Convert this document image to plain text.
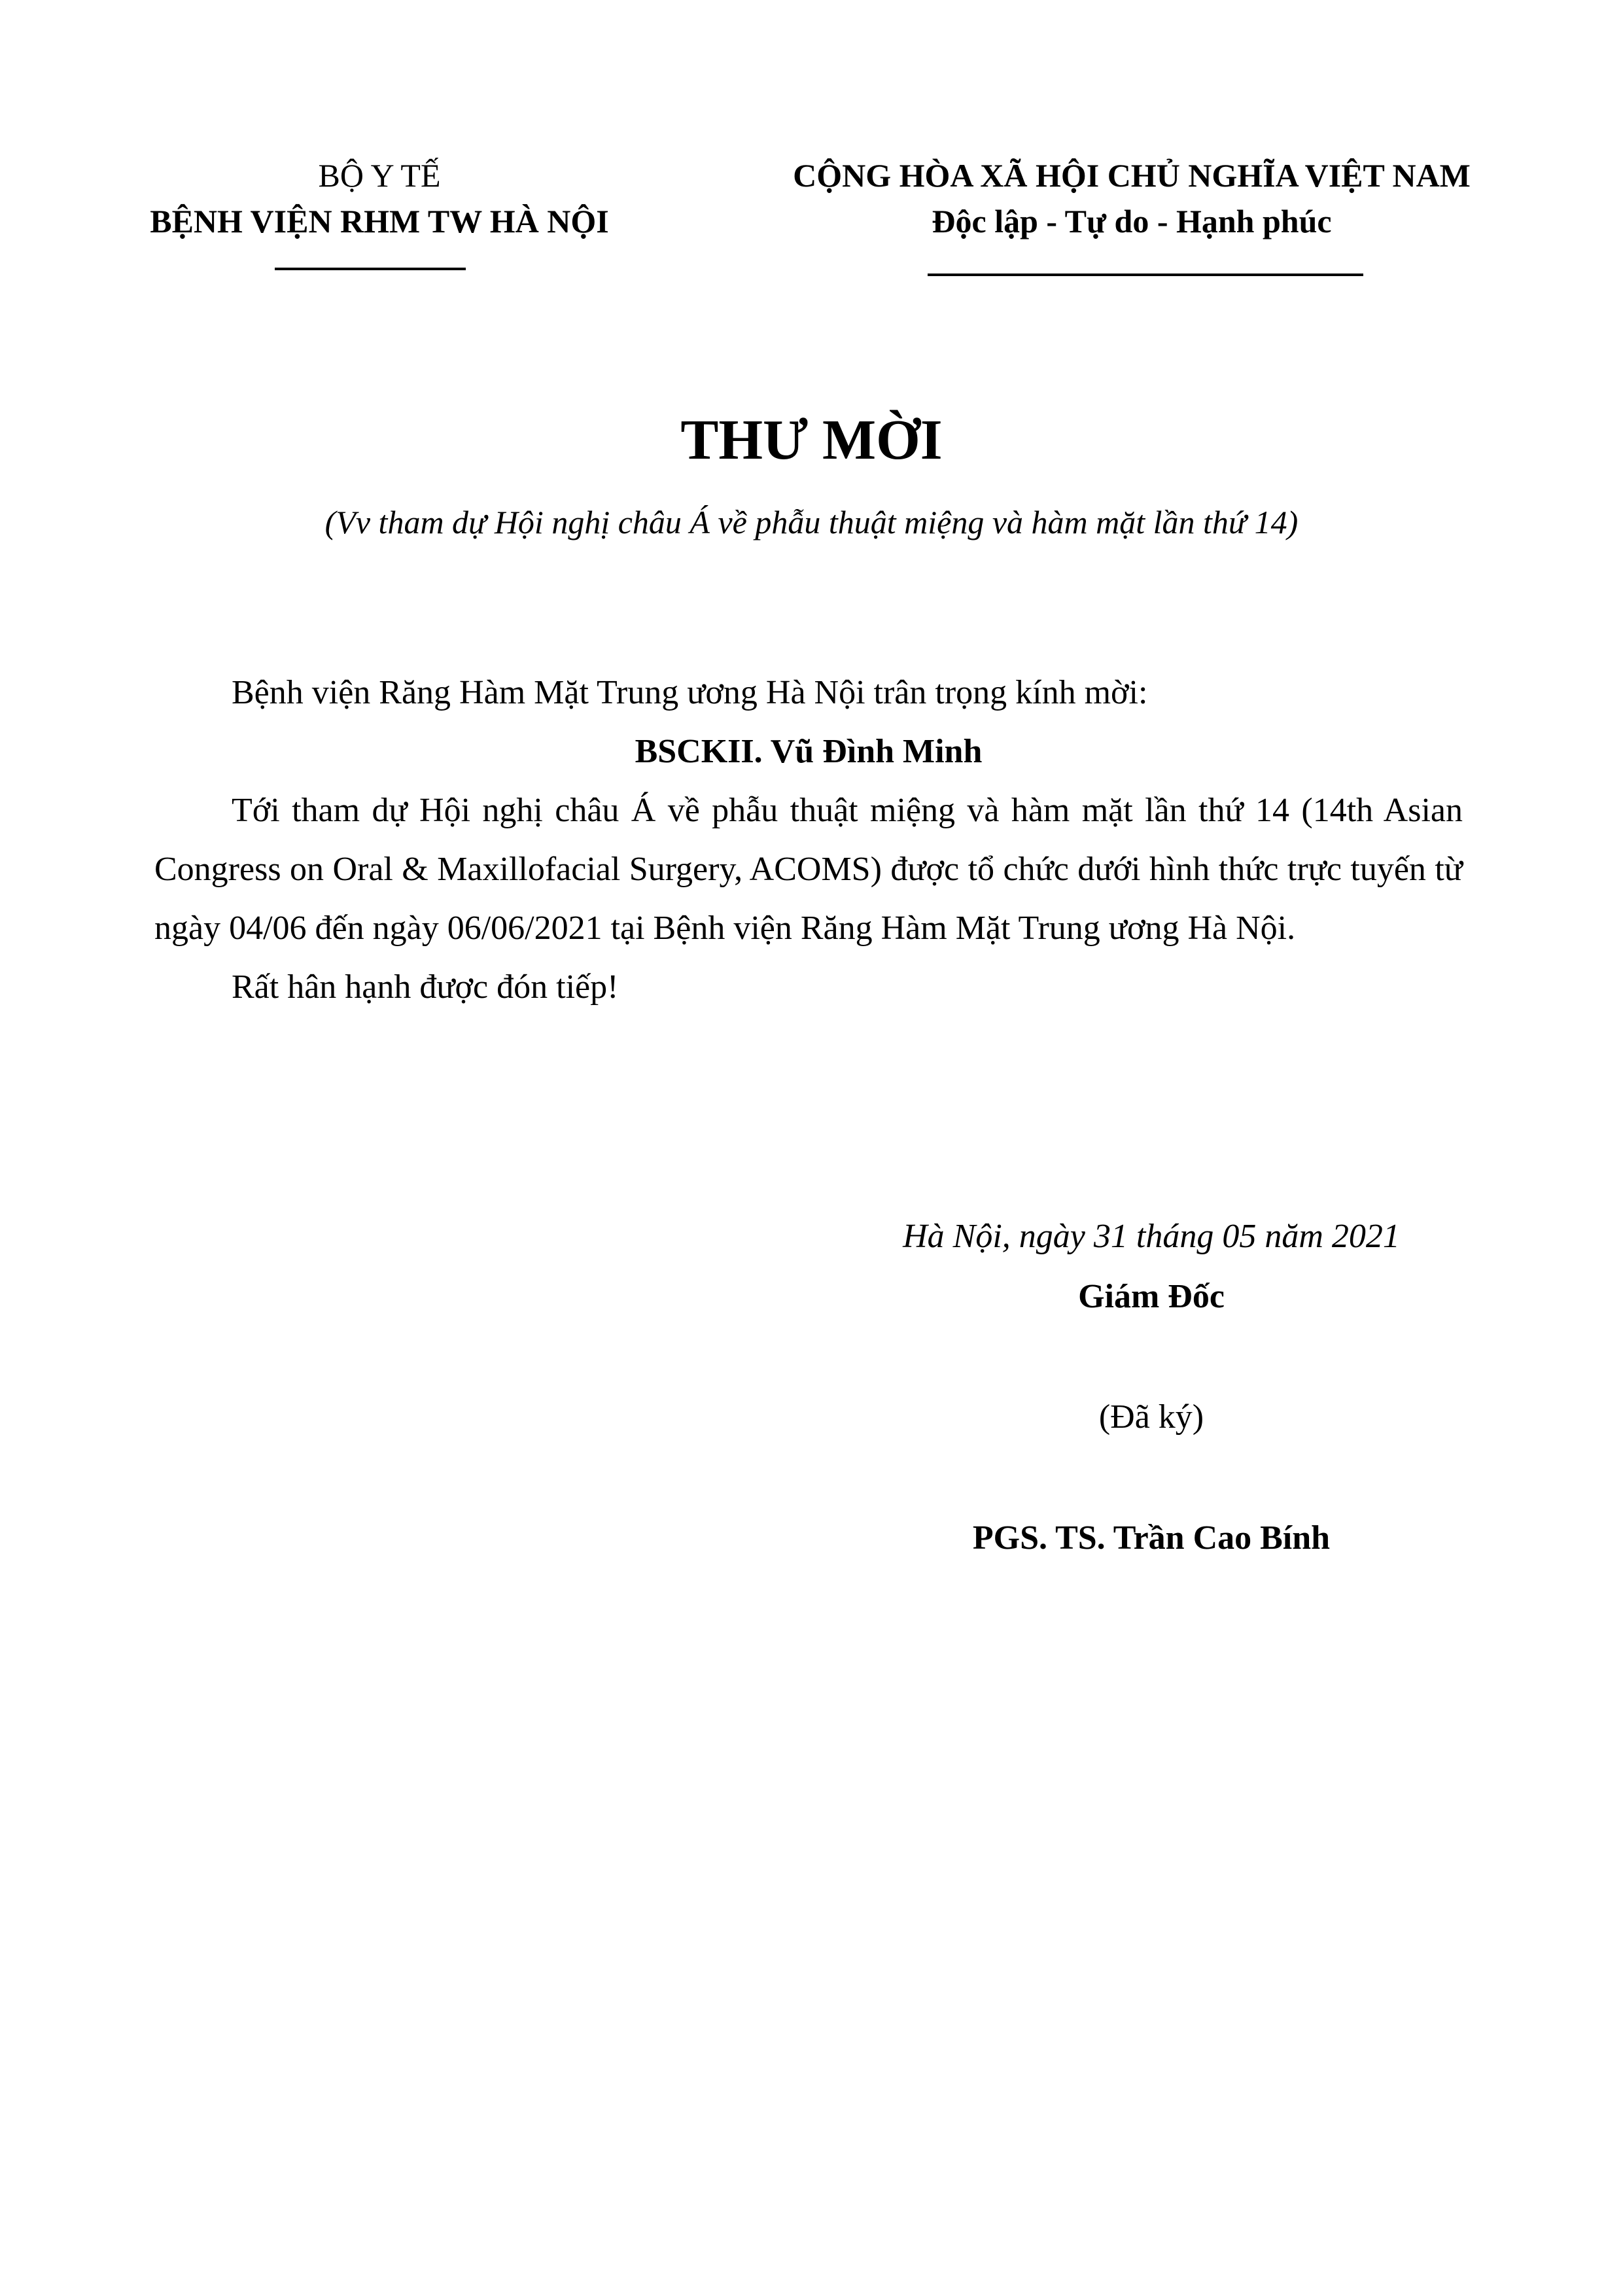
BỘ Y TẾ
BỆNH VIỆN RHM TW HÀ NỘI
CỘNG HÒA XÃ HỘI CHỦ NGHĨA VIỆT NAM
Độc lập - Tự do - Hạnh phúc
THƯ MỜI
(Vv tham dự Hội nghị châu Á về phẫu thuật miệng và hàm mặt lần thứ 14)

Bệnh viện Răng Hàm Mặt Trung ương Hà Nội trân trọng kính mời:

BSCKII. Vũ Đình Minh

Tới tham dự Hội nghị châu Á về phẫu thuật miệng và hàm mặt lần thứ 14 (14th Asian Congress on Oral & Maxillofacial Surgery, ACOMS) được tổ chức dưới hình thức trực tuyến từ ngày 04/06 đến ngày 06/06/2021 tại Bệnh viện Răng Hàm Mặt Trung ương Hà Nội.

Rất hân hạnh được đón tiếp!

Hà Nội, ngày 31 tháng 05 năm 2021
Giám Đốc
(Đã ký)
PGS. TS. Trần Cao Bính
